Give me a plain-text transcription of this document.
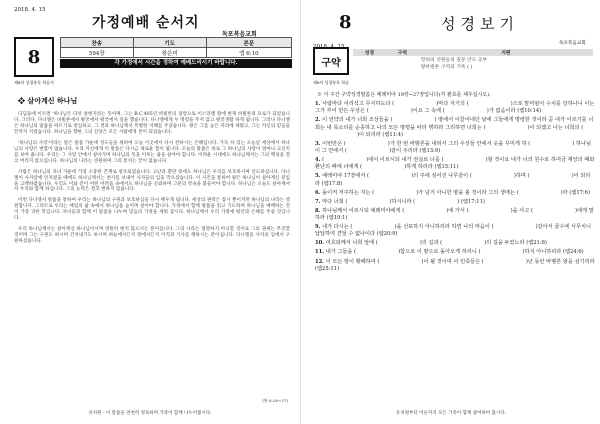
2018. 4. 15
가정예배 순서지
독포복음교회
8
제8차 성경통독 학습지
찬송	기도	본문
594장	왕은미	엡 6:10
각 가정에서 시간을 정하여 예배드리시기 바랍니다.
❖ 살아계신 하나님

디딤돌에 이르면 '하나님은 다섯 살변지라는 뜻이며, 그는 B.C.405년 바빌론의 점령으로 이스라엘 땅에 현재 바빌론의 포로가 되었습니다. 그러다, 다니엘은 바빌론에서 왕궁에서 왕궁에서 일을 했습니다. 다니엘에게 두 명령을 주저 않고 왕궁생활 하게 됩니다. 그러나 다니엘은 하나님의 말씀을 따르기로 결심하고, 그 결과 하나님께서 특별한 지혜를 주셨습니다. 왕은 그를 높은 자리에 세웠고, 그는 자신의 믿음을 끝까지 지켰습니다. 하나님을 향한 그의 신앙은 모든 사람에게 본이 되었습니다.

'하나님의 사랑'이라는 말은 말씀 가운데 성도들을 위하여 오늘 이곳에서 다시 전하시는 은혜입니다. 가득 차 있는 오늘날 세상에서 하나님의 사랑은 변함이 없습니다. 우리 자신에게 이 말씀은 다시금 새로운 힘이 됩니다. 오늘의 말씀은 바로 그 하나님의 사랑이 얼마나 크신지를 보여 줍니다. 우리는 그 사랑 안에서 살아가며 하나님의 뜻을 이루는 삶을 살아야 합니다. 어려운 시대에도 하나님께서는 그의 백성을 결코 버리지 않으십니다. 하나님의 나라는 영원하며 그의 통치는 끝이 없습니다.

사람은 하나님의 자녀 가운데 가장 소중한 존재로 창조되었습니다. 고난과 환란 중에도 하나님은 우리를 보호하시며 인도하십니다. 다니엘이 사자굴에 던져졌을 때에도 하나님께서는 천사를 보내어 사자들의 입을 막으셨습니다. 이 사건을 통하여 왕은 하나님이 살아계신 분임을 고백하였습니다. 우리도 이와 같이 어떤 어려움 속에서도 하나님을 신뢰하며 그분의 약속을 붙들어야 합니다. 하나님은 오늘도 살아계셔서 우리와 함께 하십니다. 그의 능력은 결코 변하지 않습니다.

이번 다니엘서 말씀을 통하여 우리는 하나님의 구원과 보호하심을 다시 배우게 됩니다. 세상의 권력은 잠시 뿐이지만 하나님의 나라는 영원합니다. 그러므로 우리는 매일의 삶 속에서 하나님을 높이며 살아야 합니다. 가정에서 함께 말씀을 읽고 기도하며 하나님을 예배하는 것이 가장 귀한 복입니다. 자녀들과 함께 이 말씀을 나누며 믿음의 가정을 세워 갑시다. 하나님께서 우리 가정에 평안과 은혜를 주실 것입니다.

우리 하나님께서는 살아계신 하나님이시며 영원히 변치 않으시는 분이십니다. 그의 나라는 멸망하지 아니할 것이요 그의 권세는 무궁할 것이며 그는 구원도 하시며 건져내기도 하시며 하늘에서든지 땅에서든지 이적과 기사를 행하시는 분이십니다. 다니엘을 사자의 입에서 구원하셨습니다.

(단 6:26~27)
유치원 - 이 말씀을 천천히 정독하며 가족이 함께 나누어봅시다.
8	성경보기
2018. 4. 15
독포복음교회
구약
성경	구역	지편
		망위의 선원들의 질문 안도 공부
		왕바빌론 구역의 기록 ( )
제8차 성경통독 학습
※ 이 주간 구약성경말씀은 예레미야 19장~27장입니다(각 괄호를 채우십시오).
1. 사람마다 어리석고 무식하도다 (	)마다 자기의 (	)으로 말미암아 수치를 당하나니 이는 그가 부어 만든 우상은 (	)이요 그 속에 (	)가 없음이라 (렘10:14)
2. 이 언약의 내가 너희 조상들을 (	) 땅에서 이끌어내던 날에 그들에게 명령한 것이라 곧 내가 이르기를 너희는 내 목소리를 순종하고 나의 모든 명령을 따라 행하라 그리하면 너희는 (	)이 되겠고 나는 너희의 ()이 되리라 (렘11:4)
3. 이번만은 (	)가 한 번 바벨론을 내려서 그의 우상들 안에서 옷을 꾸미게 하 (	) 하나님이 그 안에서 (	)같이 주리라 (렘13:9)
4. (	)에서 이르시되 내가 전실로 너를 (	)할 것이요 내가 너의 원수로 하여금 재앙의 때와 환난의 때에 너에게 (	)하게 하리라 (렘15:11)
5. 예레미야 17장에서 (	)의 주에 심어진 나무같이 (	)하며 (	)이 되리라 (렘17:8)
6. 돌이켜 저주하는 자는 (	)가 넘겨 아니한 땅을 볼 것이라 그의 생애는 (	)라 (렘17:6)
7. 마다 너희 (	)하시니라 (	) (렘17:11)
8. 하나님께서 이르시되 예레미야에게 (	)에 가서 (	)을 사고 (	)에게 말하라 (렘19:1)
9. 내가 다시는 (	)을 선포하지 아니하리라 하면 나의 마음이 (	)같아서 골수에 사무치니 답답하여 견딜 수 없나이다 (렘20:9)
10. 여호와께서 너희 앞에 (	)의 길과 (	)의 길을 두었노라 (렘21:8)
11. 내가 그들을 (	)함으로 이 땅으로 돌아오게 하리니 (	)하지 아니하리라 (렘24:6)
12. 이 모든 땅이 황폐하여 (	)이 될 것이며 이 민족들은 (	)년 동안 바벨론 왕을 섬기리라 (렘25:11)
유치원부터 어른까지 모든 가족이 함께 참여하여 봅시다.
